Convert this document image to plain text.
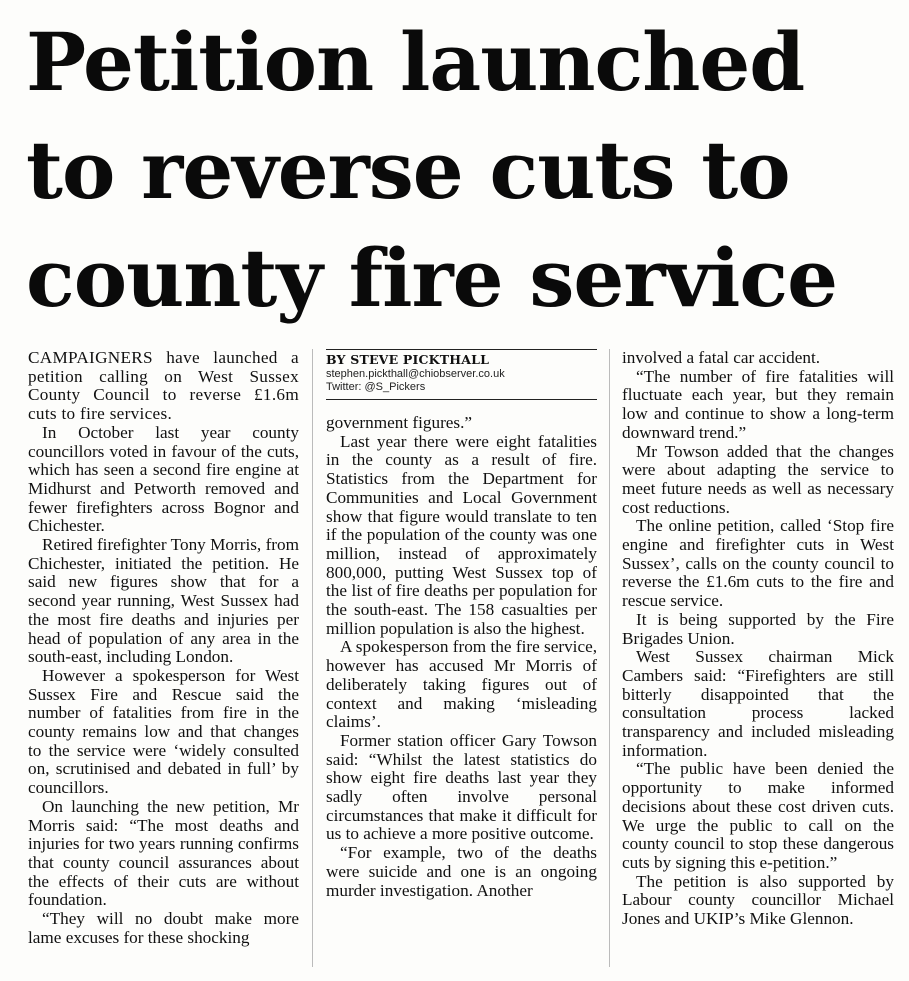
Petition launched
to reverse cuts to
county fire service

CAMPAIGNERS have launched a petition calling on West Sussex County Council to reverse £1.6m cuts to fire services.

In October last year county councillors voted in favour of the cuts, which has seen a second fire engine at Midhurst and Petworth removed and fewer firefighters across Bognor and Chichester.

Retired firefighter Tony Morris, from Chichester, initiated the petition. He said new figures show that for a second year running, West Sussex had the most fire deaths and injuries per head of population of any area in the south-east, including London.

However a spokesperson for West Sussex Fire and Rescue said the number of fatalities from fire in the county remains low and that changes to the service were ‘widely consulted on, scrutinised and debated in full’ by councillors.

On launching the new petition, Mr Morris said: “The most deaths and injuries for two years running confirms that county council assurances about the effects of their cuts are without foundation.

“They will no doubt make more lame excuses for these shocking

BY STEVE PICKTHALL
stephen.pickthall@chiobserver.co.uk
Twitter: @S_Pickers

government figures.”

Last year there were eight fatalities in the county as a result of fire. Statistics from the Department for Communities and Local Government show that figure would translate to ten if the population of the county was one million, instead of approximately 800,000, putting West Sussex top of the list of fire deaths per population for the south-east. The 158 casualties per million population is also the highest.

A spokesperson from the fire service, however has accused Mr Morris of deliberately taking figures out of context and making ‘misleading claims’.

Former station officer Gary Towson said: “Whilst the latest statistics do show eight fire deaths last year they sadly often involve personal circumstances that make it difficult for us to achieve a more positive outcome.

“For example, two of the deaths were suicide and one is an ongoing murder investigation. Another

involved a fatal car accident.

“The number of fire fatalities will fluctuate each year, but they remain low and continue to show a long-term downward trend.”

Mr Towson added that the changes were about adapting the service to meet future needs as well as necessary cost reductions.

The online petition, called ‘Stop fire engine and firefighter cuts in West Sussex’, calls on the county council to reverse the £1.6m cuts to the fire and rescue service.

It is being supported by the Fire Brigades Union.

West Sussex chairman Mick Cambers said: “Firefighters are still bitterly disappointed that the consultation process lacked transparency and included misleading information.

“The public have been denied the opportunity to make informed decisions about these cost driven cuts. We urge the public to call on the county council to stop these dangerous cuts by signing this e-petition.”

The petition is also supported by Labour county councillor Michael Jones and UKIP’s Mike Glennon.
